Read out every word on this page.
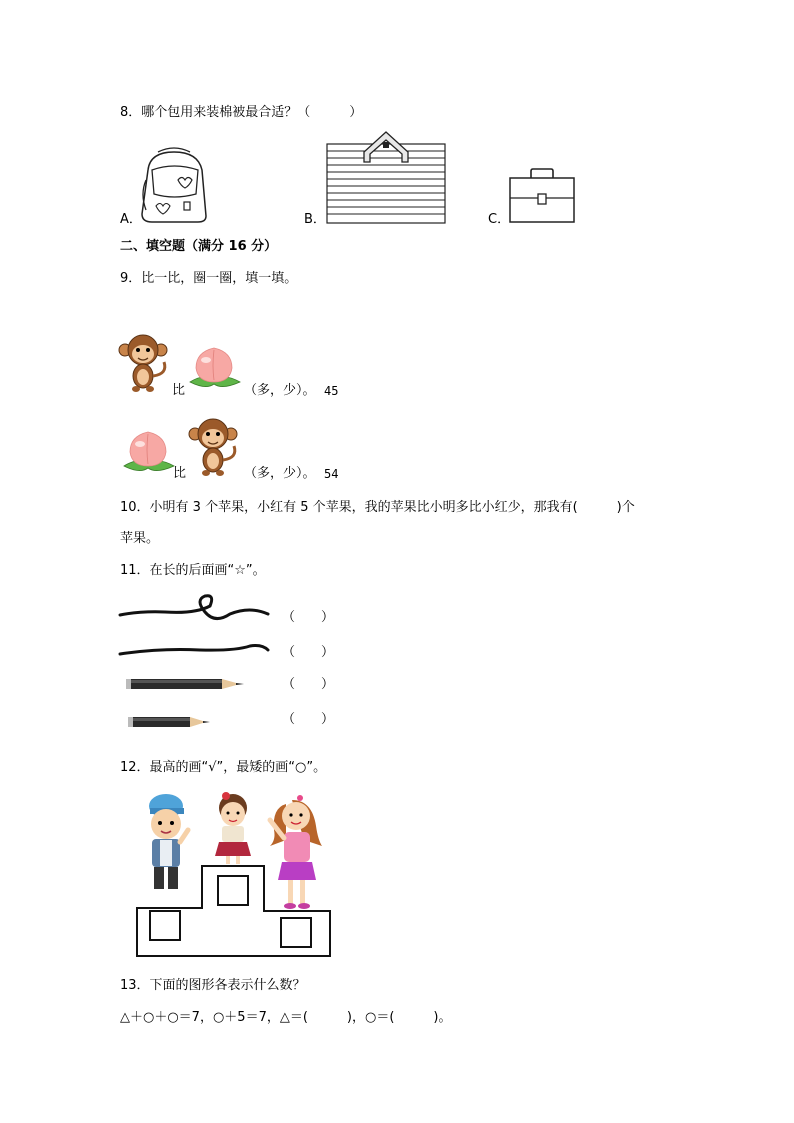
8．哪个包用来装棉被最合适？（　　　）
A．	B．	C．
二、填空题（满分 16 分）
9．比一比，圈一圈，填一填。
比	（多，少）。 45
比	（多，少）。 54
10．小明有 3 个苹果，小红有 5 个苹果，我的苹果比小明多比小红少，那我有(　　　)个
苹果。
11．在长的后面画“☆”。
（　　）
（　　）
（　　）
（　　）
12．最高的画“√”，最矮的画“○”。
13．下面的图形各表示什么数？
△＋○＋○＝7，○＋5＝7，△＝(　　　)，○＝(　　　)。
